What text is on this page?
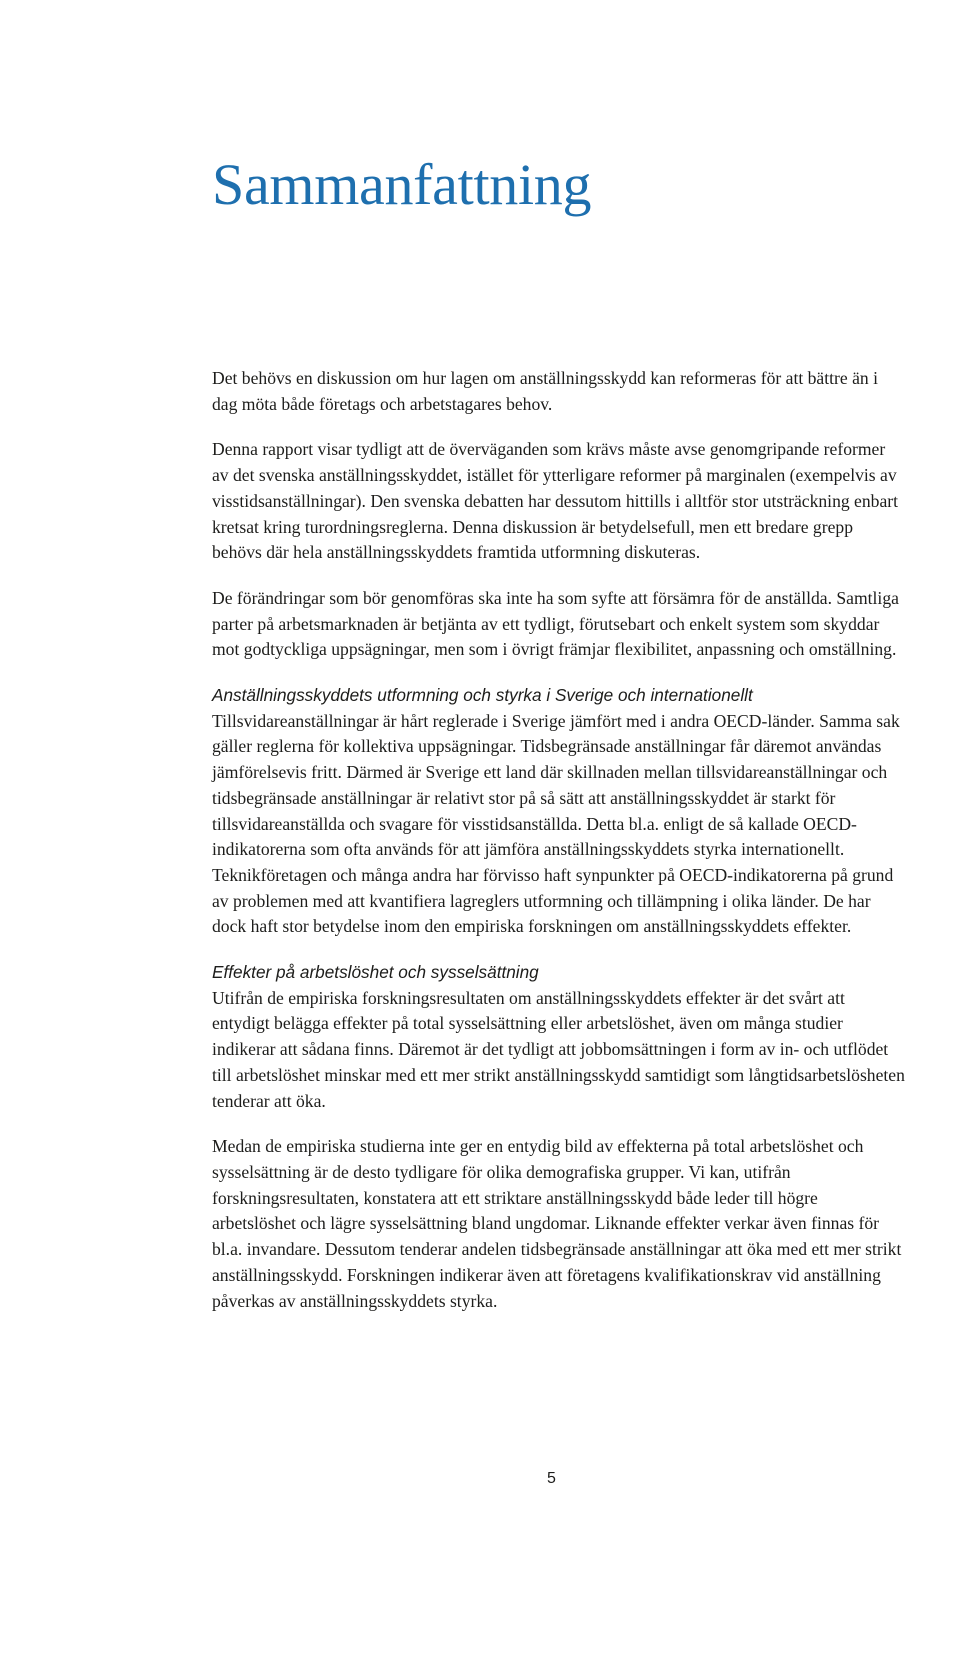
Sammanfattning

Det behövs en diskussion om hur lagen om anställningsskydd kan reformeras för att bättre än i dag möta både företags och arbetstagares behov.

Denna rapport visar tydligt att de överväganden som krävs måste avse genomgripande reformer av det svenska anställningsskyddet, istället för ytterligare reformer på marginalen (exempelvis av visstidsanställningar). Den svenska debatten har dessutom hittills i alltför stor utsträckning enbart kretsat kring turordningsreglerna. Denna diskussion är betydelsefull, men ett bredare grepp behövs där hela anställningsskyddets framtida utformning diskuteras.

De förändringar som bör genomföras ska inte ha som syfte att försämra för de anställda. Samtliga parter på arbetsmarknaden är betjänta av ett tydligt, förutsebart och enkelt system som skyddar mot godtyckliga uppsägningar, men som i övrigt främjar flexibilitet, anpassning och omställning.

Anställningsskyddets utformning och styrka i Sverige och internationellt

Tillsvidareanställningar är hårt reglerade i Sverige jämfört med i andra OECD-länder. Samma sak gäller reglerna för kollektiva uppsägningar. Tidsbegränsade anställningar får däremot användas jämförelsevis fritt. Därmed är Sverige ett land där skillnaden mellan tillsvidareanställningar och tidsbegränsade anställningar är relativt stor på så sätt att anställningsskyddet är starkt för tillsvidareanställda och svagare för visstidsanställda. Detta bl.a. enligt de så kallade OECD-indikatorerna som ofta används för att jämföra anställningsskyddets styrka internationellt. Teknikföretagen och många andra har förvisso haft synpunkter på OECD-indikatorerna på grund av problemen med att kvantifiera lagreglers utformning och tillämpning i olika länder. De har dock haft stor betydelse inom den empiriska forskningen om anställningsskyddets effekter.

Effekter på arbetslöshet och sysselsättning

Utifrån de empiriska forskningsresultaten om anställningsskyddets effekter är det svårt att entydigt belägga effekter på total sysselsättning eller arbetslöshet, även om många studier indikerar att sådana finns. Däremot är det tydligt att jobbomsättningen i form av in- och utflödet till arbetslöshet minskar med ett mer strikt anställningsskydd samtidigt som långtidsarbetslösheten tenderar att öka.

Medan de empiriska studierna inte ger en entydig bild av effekterna på total arbetslöshet och sysselsättning är de desto tydligare för olika demografiska grupper. Vi kan, utifrån forskningsresultaten, konstatera att ett striktare anställningsskydd både leder till högre arbetslöshet och lägre sysselsättning bland ungdomar. Liknande effekter verkar även finnas för bl.a. invandare. Dessutom tenderar andelen tidsbegränsade anställningar att öka med ett mer strikt anställningsskydd. Forskningen indikerar även att företagens kvalifikationskrav vid anställning påverkas av anställningsskyddets styrka.

5
